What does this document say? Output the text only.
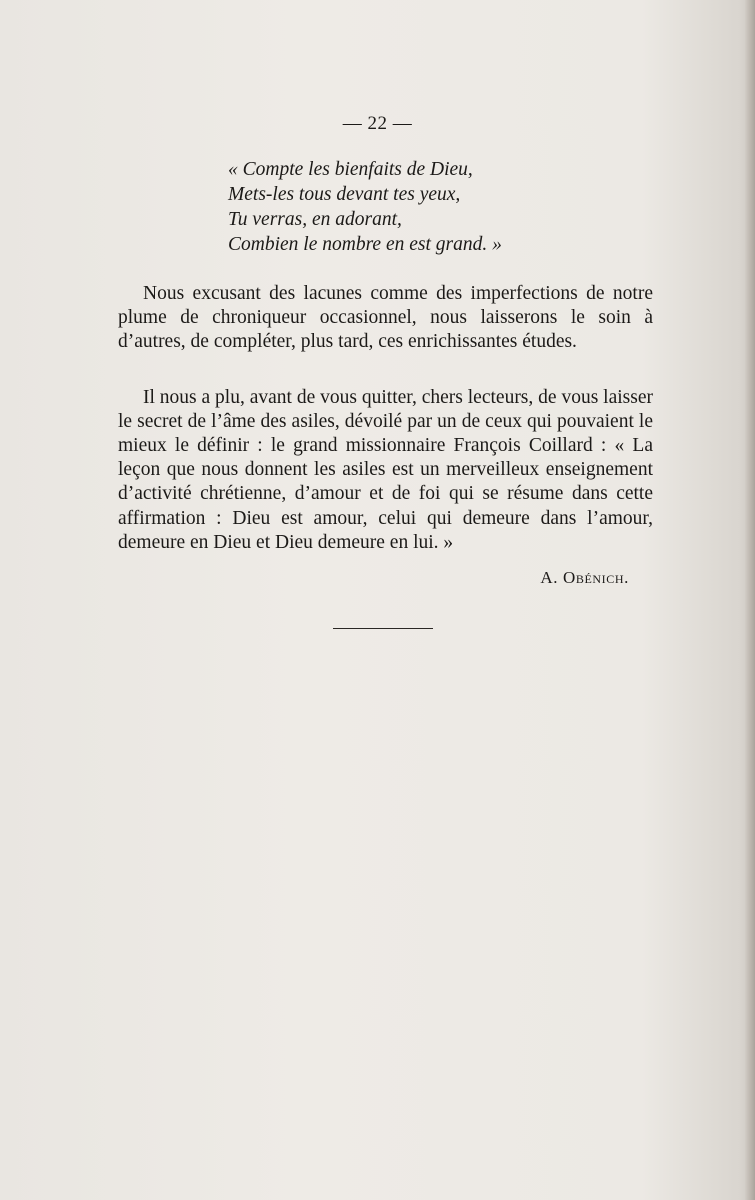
— 22 —
« Compte les bienfaits de Dieu,
Mets-les tous devant tes yeux,
Tu verras, en adorant,
Combien le nombre en est grand. »

Nous excusant des lacunes comme des imperfections de notre plume de chroniqueur occasionnel, nous laisserons le soin à d’autres, de compléter, plus tard, ces enrichissantes études.

Il nous a plu, avant de vous quitter, chers lecteurs, de vous laisser le secret de l’âme des asiles, dévoilé par un de ceux qui pouvaient le mieux le définir : le grand missionnaire François Coillard : « La leçon que nous donnent les asiles est un merveilleux enseignement d’activité chrétienne, d’amour et de foi qui se résume dans cette affirmation : Dieu est amour, celui qui demeure dans l’amour, demeure en Dieu et Dieu demeure en lui. »

A. Obénich.
